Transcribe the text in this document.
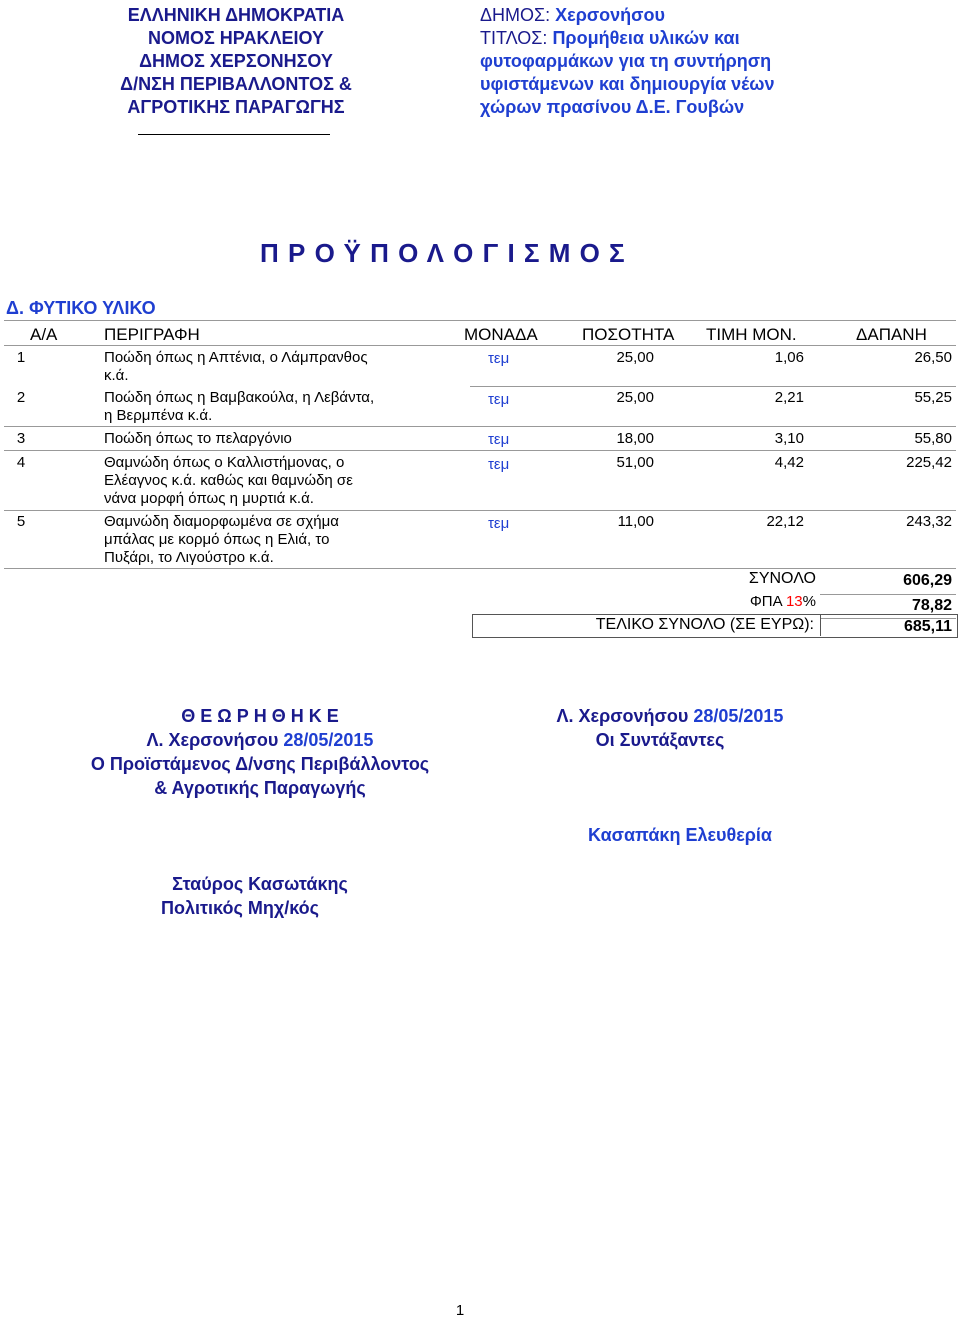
ΕΛΛΗΝΙΚΗ ΔΗΜΟΚΡΑΤΙΑ
ΝΟΜΟΣ ΗΡΑΚΛΕΙΟΥ
ΔΗΜΟΣ ΧΕΡΣΟΝΗΣΟΥ
Δ/ΝΣΗ ΠΕΡΙΒΑΛΛΟΝΤΟΣ &
ΑΓΡΟΤΙΚΗΣ ΠΑΡΑΓΩΓΗΣ
ΔΗΜΟΣ: Χερσονήσου
ΤΙΤΛΟΣ: Προμήθεια υλικών και
φυτοφαρμάκων για τη συντήρηση
υφιστάμενων και δημιουργία νέων
χώρων πρασίνου Δ.Ε. Γουβών
Π Ρ Ο Ϋ Π Ο Λ Ο Γ Ι Σ Μ Ο Σ
Δ. ΦΥΤΙΚΟ ΥΛΙΚΟ
Α/Α	ΠΕΡΙΓΡΑΦΗ	ΜΟΝΑΔΑ	ΠΟΣΟΤΗΤΑ ΤΙΜΗ ΜΟΝ.	ΔΑΠΑΝΗ
1	Ποώδη όπως η Απτένια, ο Λάμπρανθος
κ.ά.
τεμ	25,00	1,06	26,50
2	Ποώδη όπως η Βαμβακούλα, η Λεβάντα,
η Βερμπένα κ.ά.
τεμ	25,00	2,21	55,25
3	Ποώδη όπως το πελαργόνιο	τεμ	18,00	3,10	55,80
4	Θαμνώδη όπως ο Καλλιστήμονας, ο
Ελέαγνος κ.ά. καθώς και θαμνώδη σε
νάνα μορφή όπως η μυρτιά κ.ά.
τεμ	51,00	4,42	225,42
5	Θαμνώδη διαμορφωμένα σε σχήμα
μπάλας με κορμό όπως η Ελιά, το
Πυξάρι, το Λιγούστρο κ.ά.
τεμ	11,00	22,12	243,32
ΣΥΝΟΛΟ	606,29
ΦΠΑ 13%	78,82
ΤΕΛΙΚΟ ΣΥΝΟΛΟ (ΣΕ ΕΥΡΩ):	685,11
Θ Ε Ω Ρ Η Θ Η Κ Ε
Λ. Χερσονήσου 28/05/2015
Ο Προϊστάμενος Δ/νσης Περιβάλλοντος
& Αγροτικής Παραγωγής
Σταύρος Κασωτάκης
Πολιτικός Μηχ/κός
Λ. Χερσονήσου 28/05/2015
Οι Συντάξαντες
Κασαπάκη Ελευθερία
1
